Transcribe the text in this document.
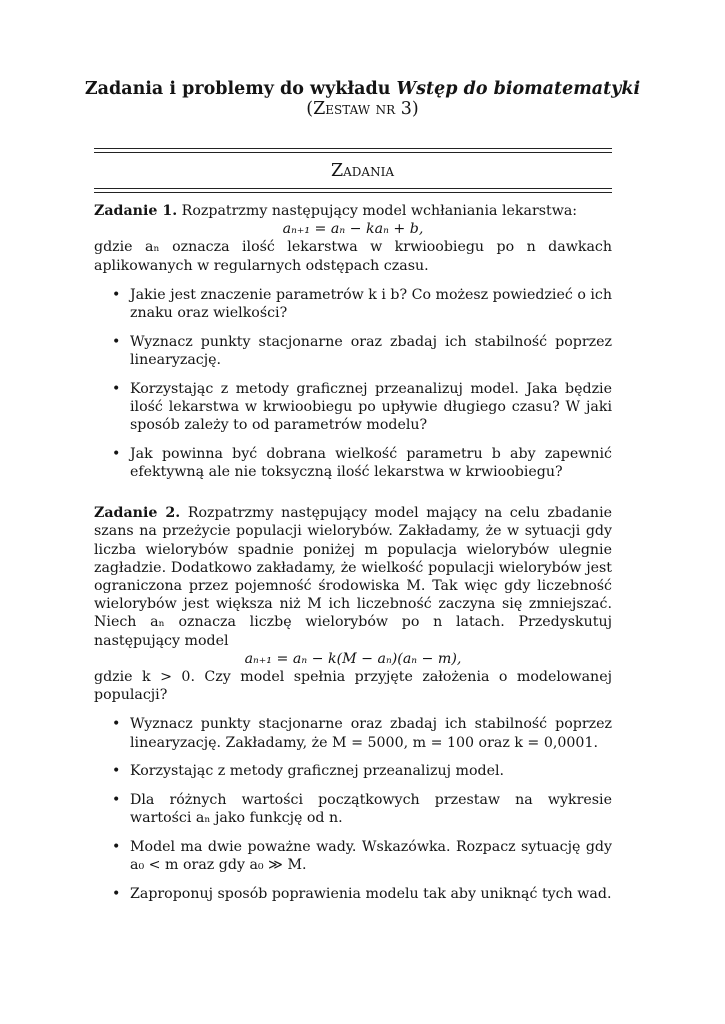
Zadania i problemy do wykładu Wstęp do biomatematyki
(Zestaw nr 3)
Zadania

Zadanie 1. Rozpatrzmy następujący model wchłaniania lekarstwa:

aₙ₊₁ = aₙ − kaₙ + b,

gdzie aₙ oznacza ilość lekarstwa w krwioobiegu po n dawkach aplikowanych w regularnych odstępach czasu.

• Jakie jest znaczenie parametrów k i b? Co możesz powiedzieć o ich znaku oraz wielkości?
• Wyznacz punkty stacjonarne oraz zbadaj ich stabilność poprzez linearyzację.
• Korzystając z metody graficznej przeanalizuj model. Jaka będzie ilość lekarstwa w krwioobiegu po upływie długiego czasu? W jaki sposób zależy to od parametrów modelu?
• Jak powinna być dobrana wielkość parametru b aby zapewnić efektywną ale nie toksyczną ilość lekarstwa w krwioobiegu?

Zadanie 2. Rozpatrzmy następujący model mający na celu zbadanie szans na przeżycie populacji wielorybów. Zakładamy, że w sytuacji gdy liczba wielorybów spadnie poniżej m populacja wielorybów ulegnie zagładzie. Dodatkowo zakładamy, że wielkość populacji wielorybów jest ograniczona przez pojemność środowiska M. Tak więc gdy liczebność wielorybów jest większa niż M ich liczebność zaczyna się zmniejszać. Niech aₙ oznacza liczbę wielorybów po n latach. Przedyskutuj następujący model

aₙ₊₁ = aₙ − k(M − aₙ)(aₙ − m),

gdzie k > 0. Czy model spełnia przyjęte założenia o modelowanej populacji?

• Wyznacz punkty stacjonarne oraz zbadaj ich stabilność poprzez linearyzację. Zakładamy, że M = 5000, m = 100 oraz k = 0,0001.
• Korzystając z metody graficznej przeanalizuj model.
• Dla różnych wartości początkowych przestaw na wykresie wartości aₙ jako funkcję od n.
• Model ma dwie poważne wady. Wskazówka. Rozpacz sytuację gdy a₀ < m oraz gdy a₀ ≫ M.
• Zaproponuj sposób poprawienia modelu tak aby uniknąć tych wad.
